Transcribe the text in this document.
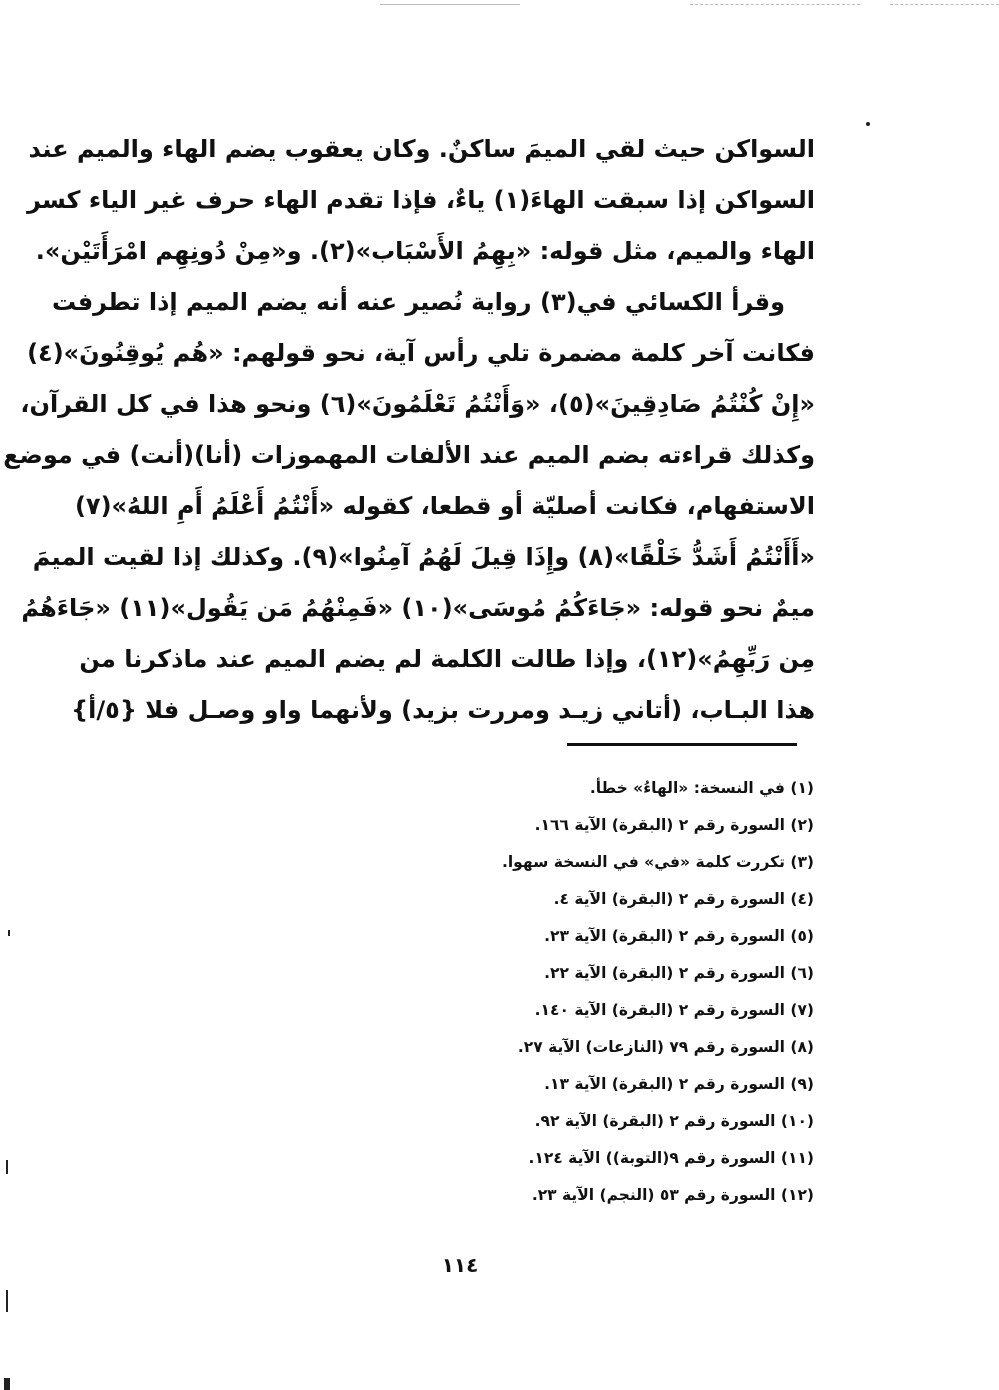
السواكن حيث لقي الميمَ ساكنٌ. وكان يعقوب يضم الهاء والميم عند
السواكن إذا سبقت الهاءَ(١) ياءٌ، فإذا تقدم الهاء حرف غير الياء كسر
الهاء والميم، مثل قوله: «بِهِمُ الأَسْبَاب»(٢). و«مِنْ دُونِهِم امْرَأَتَيْن».
وقرأ الكسائي في(٣) رواية نُصير عنه أنه يضم الميم إذا تطرفت
فكانت آخر كلمة مضمرة تلي رأس آية، نحو قولهم: «هُم يُوقِنُونَ»(٤)
«إِنْ كُنْتُمُ صَادِقِينَ»(٥)، «وَأَنْتُمُ تَعْلَمُونَ»(٦) ونحو هذا في كل القرآن،
وكذلك قراءته بضم الميم عند الألفات المهموزات (أنا)(أنت) في موضع
الاستفهام، فكانت أصليّة أو قطعا، كقوله «أَنْتُمُ أَعْلَمُ أَمِ اللهُ»(٧)
«أَأَنْتُمُ أَشَدُّ خَلْقًا»(٨) وإِذَا قِيلَ لَهُمُ آمِنُوا»(٩). وكذلك إذا لقيت الميمَ
ميمٌ نحو قوله: «جَاءَكُمُ مُوسَى»(١٠) «فَمِنْهُمُ مَن يَقُول»(١١) «جَاءَهُمُ
مِن رَبِّهِمُ»(١٢)، وإذا طالت الكلمة لم يضم الميم عند ماذكرنا من
هذا البـاب، (أتاني زيـد ومررت بزيد) ولأنهما واو وصـل فلا {٥/أ}
(١) في النسخة: «الهاءُ» خطأ.
(٢) السورة رقم ٢ (البقرة) الآية ١٦٦.
(٣) تكررت كلمة «في» في النسخة سهوا.
(٤) السورة رقم ٢ (البقرة) الآية ٤.
(٥) السورة رقم ٢ (البقرة) الآية ٢٣.
(٦) السورة رقم ٢ (البقرة) الآية ٢٢.
(٧) السورة رقم ٢ (البقرة) الآية ١٤٠.
(٨) السورة رقم ٧٩ (النازعات) الآية ٢٧.
(٩) السورة رقم ٢ (البقرة) الآية ١٣.
(١٠) السورة رقم ٢ (البقرة) الآية ٩٢.
(١١) السورة رقم ٩(التوبة)) الآية ١٢٤.
(١٢) السورة رقم ٥٣ (النجم) الآية ٢٣.
١١٤
